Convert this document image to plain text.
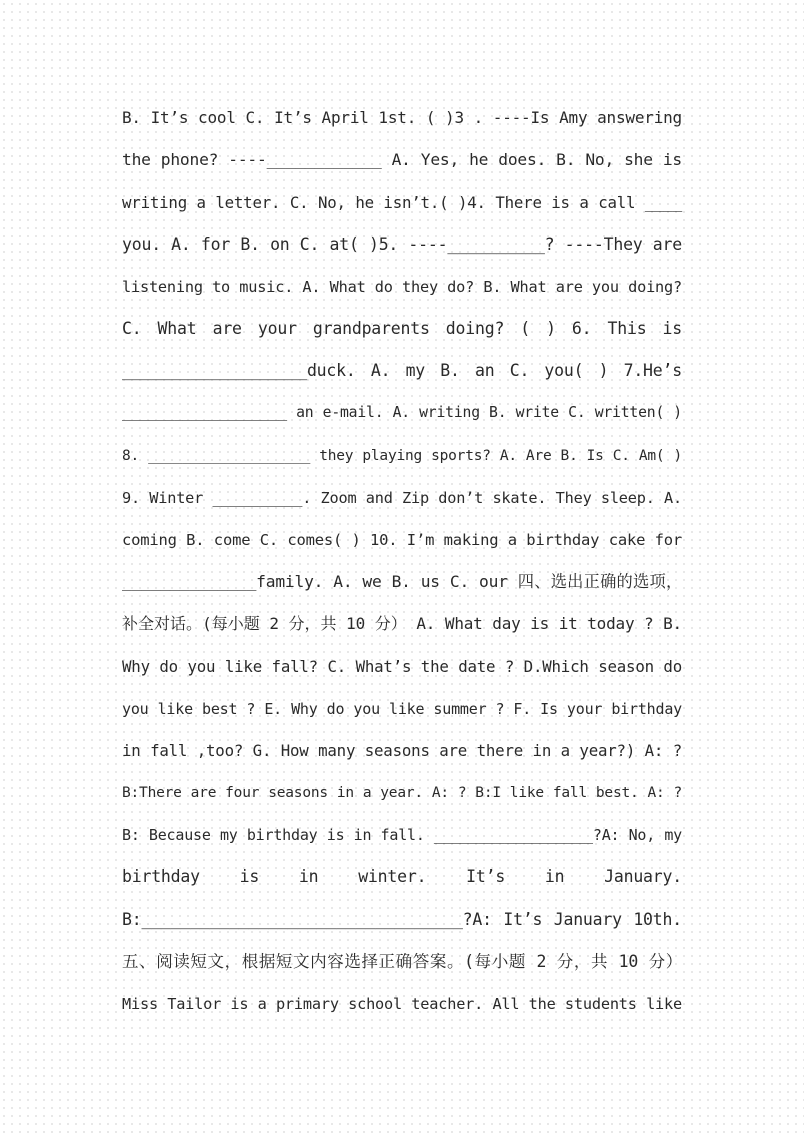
B. It’s cool C. It’s April 1st. ( )3 . ----Is Amy answering
the phone? ----____________ A. Yes, he does. B. No, she is
writing a letter. C. No, he isn’t.( )4. There is a call ____
you. A. for B. on C. at( )5. ----__________? ----They are
listening to music. A. What do they do? B. What are you doing?
C. What are your grandparents doing? ( ) 6. This is
___________________duck. A. my B. an C. you( ) 7.He’s
___________________ an e-mail. A. writing B. write C. written( )
8. ___________________ they playing sports? A. Are B. Is C. Am( )
9. Winter __________. Zoom and Zip don’t skate. They sleep. A.
coming B. come C. comes( ) 10. I’m making a birthday cake for
______________family. A. we B. us C. our 四、选出正确的选项，
补全对话。(每小题 2 分，共 10 分） A. What day is it today ? B.
Why do you like fall? C. What’s the date ? D.Which season do
you like best ? E. Why do you like summer ? F. Is your birthday
in fall ,too? G. How many seasons are there in a year?) A: ?
B:There are four seasons in a year. A: ? B:I like fall best. A: ?
B: Because my birthday is in fall. __________________?A: No, my
birthday is in winter. It’s in January.
B:_________________________________?A: It’s January 10th.
五、阅读短文，根据短文内容选择正确答案。(每小题 2 分，共 10 分）
Miss Tailor is a primary school teacher. All the students like
